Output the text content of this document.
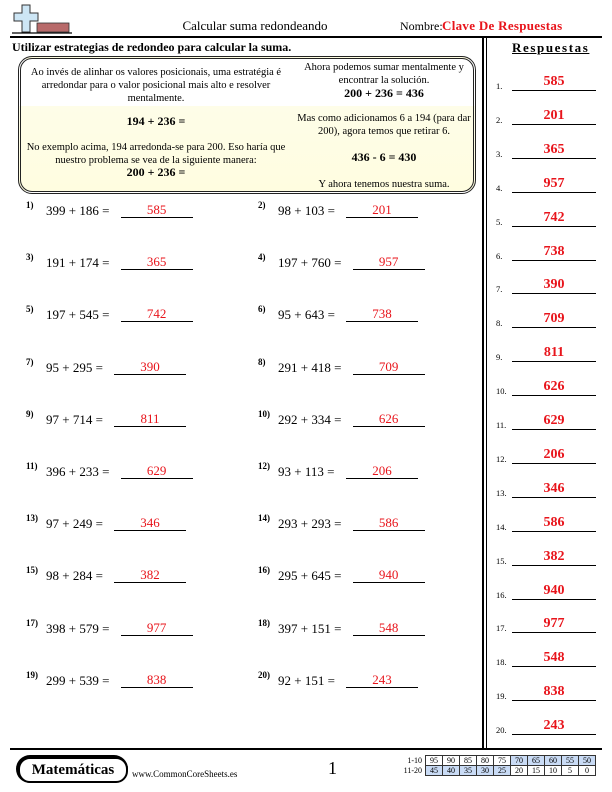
Calcular suma redondeando	Nombre: Clave De Respuestas
Utilizar estrategias de redondeo para calcular la suma.	Respuestas
Ao invés de alinhar os valores posicionais, uma estratégia é arredondar para o valor posicional mais alto e resolver mentalmente.
194 + 236 =
No exemplo acima, 194 arredonda-se para 200. Eso haría que nuestro problema se vea de la siguiente manera:
200 + 236 =
Ahora podemos sumar mentalmente y encontrar la solución.
200 + 236 = 436
Mas como adicionamos 6 a 194 (para dar 200), agora temos que retirar 6.
436 - 6 = 430
Y ahora tenemos nuestra suma.
1) 399 + 186 =	585	2) 98 + 103 =	201
3) 191 + 174 =	365	4) 197 + 760 =	957
5) 197 + 545 =	742	6) 95 + 643 =	738
7) 95 + 295 =	390	8) 291 + 418 =	709
9) 97 + 714 =	811	10) 292 + 334 =	626
11) 396 + 233 =	629	12) 93 + 113 =	206
13) 97 + 249 =	346	14) 293 + 293 =	586
15) 98 + 284 =	382	16) 295 + 645 =	940
17) 398 + 579 =	977	18) 397 + 151 =	548
19) 299 + 539 =	838	20) 92 + 151 =	243
1.	585
2.	201
3.	365
4.	957
5.	742
6.	738
7.	390
8.	709
9.	811
10.	626
11.	629
12.	206
13.	346
14.	586
15.	382
16.	940
17.	977
18.	548
19.	838
20.	243
Matemáticas	www.CommonCoreSheets.es	1	1-10	95	90	85	80	75	70	65	60	55	50
11-20	45	40	35	30	25	20	15	10	5	0
